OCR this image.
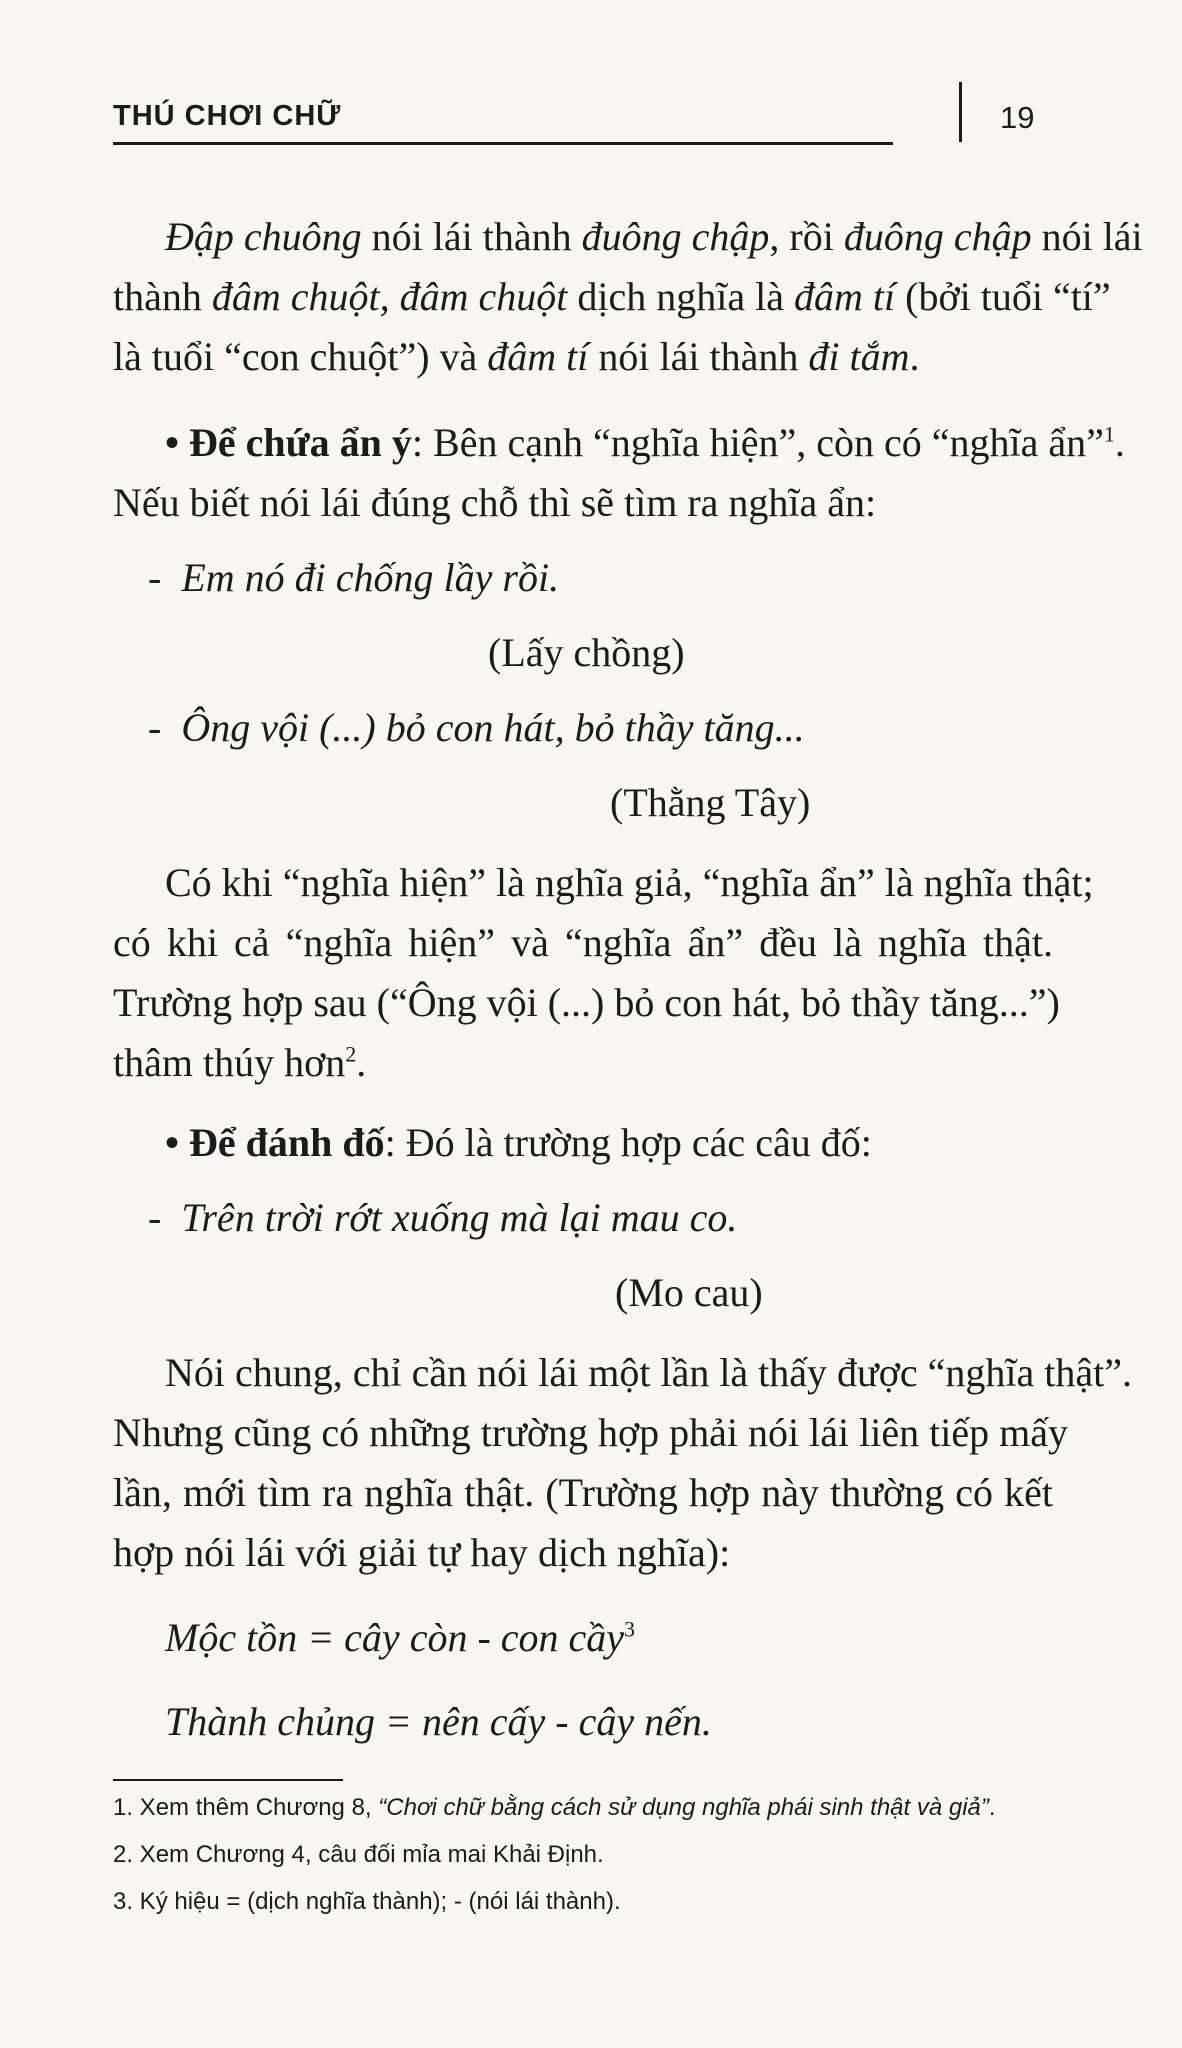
THÚ CHƠI CHỮ	19
Đập chuông nói lái thành đuông chập, rồi đuông chập nói lái
thành đâm chuột, đâm chuột dịch nghĩa là đâm tí (bởi tuổi “tí”
là tuổi “con chuột”) và đâm tí nói lái thành đi tắm.
• Để chứa ẩn ý: Bên cạnh “nghĩa hiện”, còn có “nghĩa ẩn”$^1$.
Nếu biết nói lái đúng chỗ thì sẽ tìm ra nghĩa ẩn:
- Em nó đi chống lầy rồi.
(Lấy chồng)
- Ông vội (...) bỏ con hát, bỏ thầy tăng...
(Thằng Tây)
Có khi “nghĩa hiện” là nghĩa giả, “nghĩa ẩn” là nghĩa thật;
có khi cả “nghĩa hiện” và “nghĩa ẩn” đều là nghĩa thật.
Trường hợp sau (“Ông vội (...) bỏ con hát, bỏ thầy tăng...”)
thâm thúy hơn$^2$.
• Để đánh đố: Đó là trường hợp các câu đố:
- Trên trời rớt xuống mà lại mau co.
(Mo cau)
Nói chung, chỉ cần nói lái một lần là thấy được “nghĩa thật”.
Nhưng cũng có những trường hợp phải nói lái liên tiếp mấy
lần, mới tìm ra nghĩa thật. (Trường hợp này thường có kết
hợp nói lái với giải tự hay dịch nghĩa):
Mộc tồn = cây còn - con cầy$^3$
Thành chủng = nên cấy - cây nến.
1. Xem thêm Chương 8, “Chơi chữ bằng cách sử dụng nghĩa phái sinh thật và giả”.
2. Xem Chương 4, câu đối mỉa mai Khải Định.
3. Ký hiệu = (dịch nghĩa thành); - (nói lái thành).
